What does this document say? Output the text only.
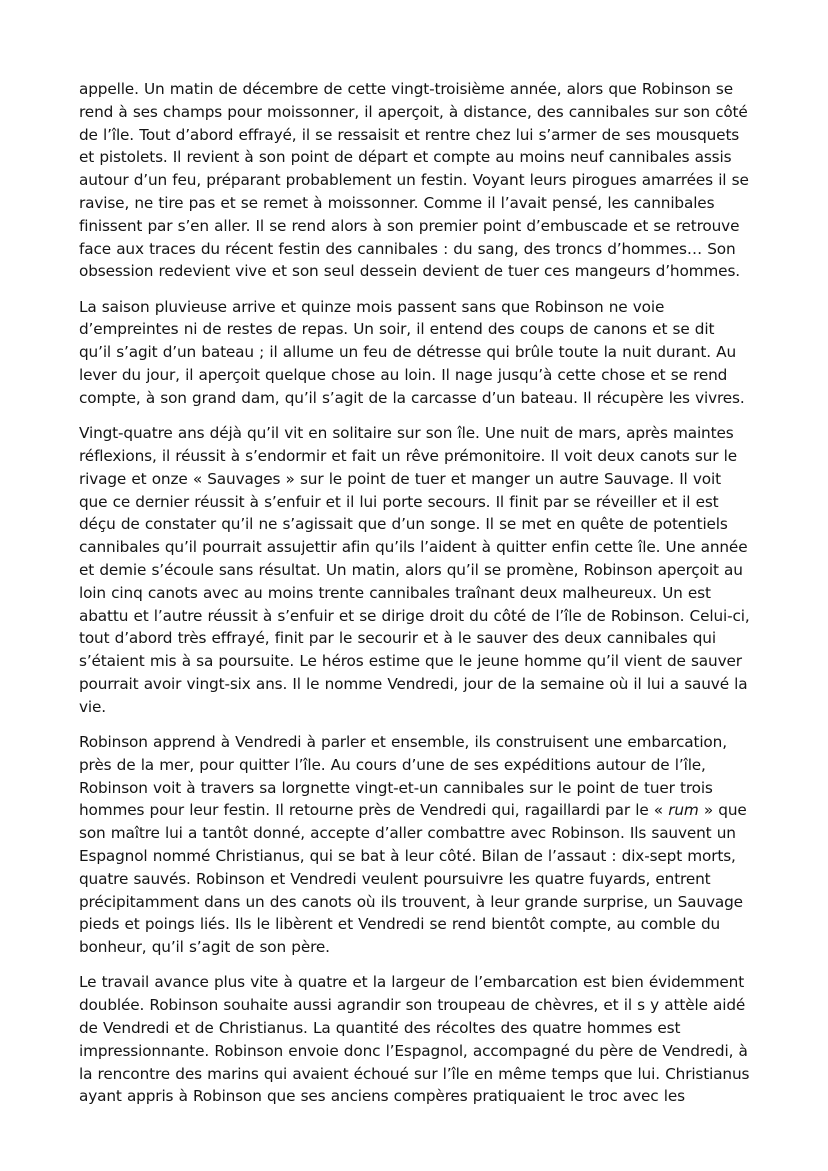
appelle. Un matin de décembre de cette vingt-troisième année, alors que Robinson se rend à ses champs pour moissonner, il aperçoit, à distance, des cannibales sur son côté de l’île. Tout d’abord effrayé, il se ressaisit et rentre chez lui s’armer de ses mousquets et pistolets. Il revient à son point de départ et compte au moins neuf cannibales assis autour d’un feu, préparant probablement un festin. Voyant leurs pirogues amarrées il se ravise, ne tire pas et se remet à moissonner. Comme il l’avait pensé, les cannibales finissent par s’en aller. Il se rend alors à son premier point d’embuscade et se retrouve face aux traces du récent festin des cannibales : du sang, des troncs d’hommes… Son obsession redevient vive et son seul dessein devient de tuer ces mangeurs d’hommes.

La saison pluvieuse arrive et quinze mois passent sans que Robinson ne voie d’empreintes ni de restes de repas. Un soir, il entend des coups de canons et se dit qu’il s’agit d’un bateau ; il allume un feu de détresse qui brûle toute la nuit durant. Au lever du jour, il aperçoit quelque chose au loin. Il nage jusqu’à cette chose et se rend compte, à son grand dam, qu’il s’agit de la carcasse d’un bateau. Il récupère les vivres.

Vingt-quatre ans déjà qu’il vit en solitaire sur son île. Une nuit de mars, après maintes réflexions, il réussit à s’endormir et fait un rêve prémonitoire. Il voit deux canots sur le rivage et onze « Sauvages » sur le point de tuer et manger un autre Sauvage. Il voit que ce dernier réussit à s’enfuir et il lui porte secours. Il finit par se réveiller et il est déçu de constater qu’il ne s’agissait que d’un songe. Il se met en quête de potentiels cannibales qu’il pourrait assujettir afin qu’ils l’aident à quitter enfin cette île. Une année et demie s’écoule sans résultat. Un matin, alors qu’il se promène, Robinson aperçoit au loin cinq canots avec au moins trente cannibales traînant deux malheureux. Un est abattu et l’autre réussit à s’enfuir et se dirige droit du côté de l’île de Robinson. Celui-ci, tout d’abord très effrayé, finit par le secourir et à le sauver des deux cannibales qui s’étaient mis à sa poursuite. Le héros estime que le jeune homme qu’il vient de sauver pourrait avoir vingt-six ans. Il le nomme Vendredi, jour de la semaine où il lui a sauvé la vie.

Robinson apprend à Vendredi à parler et ensemble, ils construisent une embarcation, près de la mer, pour quitter l’île. Au cours d’une de ses expéditions autour de l’île, Robinson voit à travers sa lorgnette vingt-et-un cannibales sur le point de tuer trois hommes pour leur festin. Il retourne près de Vendredi qui, ragaillardi par le « rum » que son maître lui a tantôt donné, accepte d’aller combattre avec Robinson. Ils sauvent un Espagnol nommé Christianus, qui se bat à leur côté. Bilan de l’assaut : dix-sept morts, quatre sauvés. Robinson et Vendredi veulent poursuivre les quatre fuyards, entrent précipitamment dans un des canots où ils trouvent, à leur grande surprise, un Sauvage pieds et poings liés. Ils le libèrent et Vendredi se rend bientôt compte, au comble du bonheur, qu’il s’agit de son père.

Le travail avance plus vite à quatre et la largeur de l’embarcation est bien évidemment doublée. Robinson souhaite aussi agrandir son troupeau de chèvres, et il s y attèle aidé de Vendredi et de Christianus. La quantité des récoltes des quatre hommes est impressionnante. Robinson envoie donc l’Espagnol, accompagné du père de Vendredi, à la rencontre des marins qui avaient échoué sur l’île en même temps que lui. Christianus ayant appris à Robinson que ses anciens compères pratiquaient le troc avec les
